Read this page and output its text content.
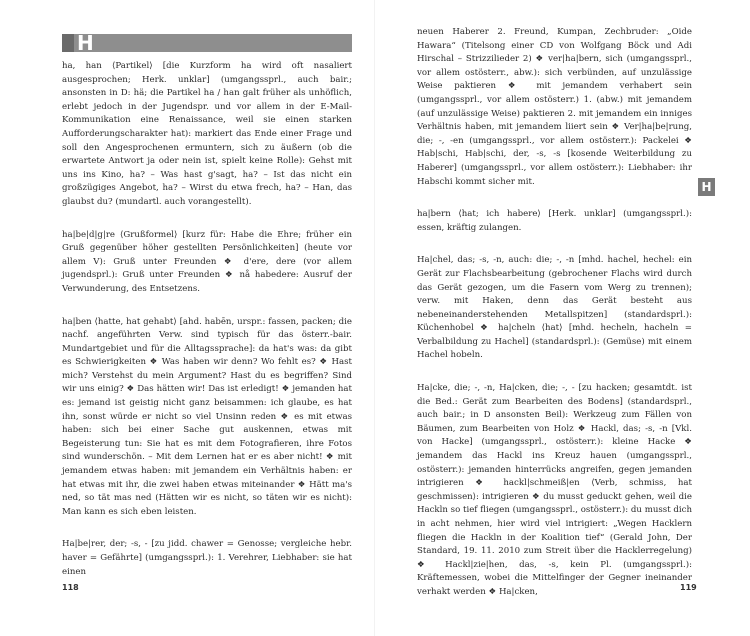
H

ha, han ⟨Partikel⟩ [die Kurzform ha wird oft nasaliert ausgesprochen; Herk. unklar] (umgangssprl., auch bair.; ansonsten in D: hä; die Partikel ha / han galt früher als unhöflich, erlebt jedoch in der Jugendspr. und vor allem in der E-Mail-Kommunikation eine Renaissance, weil sie einen starken Aufforderungscharakter hat): markiert das Ende einer Frage und soll den Angesprochenen ermuntern, sich zu äußern (ob die erwartete Antwort ja oder nein ist, spielt keine Rolle): Gehst mit uns ins Kino, ha? – Was hast g'sagt, ha? – Ist das nicht ein großzügiges Angebot, ha? – Wirst du etwa frech, ha? – Han, das glaubst du? (mundartl. auch vorangestellt).

ha|be|d|g|re ⟨Grußformel⟩ [kurz für: Habe die Ehre; früher ein Gruß gegenüber höher gestellten Persönlichkeiten] (heute vor allem V): Gruß unter Freunden ❖ d'ere, dere (vor allem jugendsprl.): Gruß unter Freunden ❖ nå habedere: Ausruf der Verwunderung, des Entsetzens.

ha|ben ⟨hatte, hat gehabt⟩ [ahd. habēn, urspr.: fassen, packen; die nachf. angeführten Verw. sind typisch für das österr.-bair. Mundartgebiet und für die Alltagssprache]: da hat's was: da gibt es Schwierigkeiten ❖ Was haben wir denn? Wo fehlt es? ❖ Hast mich? Verstehst du mein Argument? Hast du es begriffen? Sind wir uns einig? ❖ Das hätten wir! Das ist erledigt! ❖ jemanden hat es: jemand ist geistig nicht ganz beisammen: ich glaube, es hat ihn, sonst würde er nicht so viel Unsinn reden ❖ es mit etwas haben: sich bei einer Sache gut auskennen, etwas mit Begeisterung tun: Sie hat es mit dem Fotografieren, ihre Fotos sind wunderschön. – Mit dem Lernen hat er es aber nicht! ❖ mit jemandem etwas haben: mit jemandem ein Verhältnis haben: er hat etwas mit ihr, die zwei haben etwas miteinander ❖ Hätt ma's ned, so tät mas ned (Hätten wir es nicht, so täten wir es nicht): Man kann es sich eben leisten.

Ha|be|rer, der; -s, - [zu jidd. chawer = Genosse; vergleiche hebr. haver = Gefährte] (umgangssprl.): 1. Verehrer, Liebhaber: sie hat einen

118
H

neuen Haberer 2. Freund, Kumpan, Zechbruder: „Oide Hawara“ (Titelsong einer CD von Wolfgang Böck und Adi Hirschal – Strizzilieder 2) ❖ ver|ha|bern, sich (umgangssprl., vor allem ostösterr., abw.): sich verbünden, auf unzulässige Weise paktieren ❖ mit jemandem verhabert sein (umgangssprl., vor allem ostösterr.) 1. (abw.) mit jemandem (auf unzulässige Weise) paktieren 2. mit jemandem ein inniges Verhältnis haben, mit jemandem liiert sein ❖ Ver|ha|be|rung, die; -, -en (umgangssprl., vor allem ostösterr.): Packelei ❖ Hab|schi, Hab|schi, der, -s, -s [kosende Weiterbildung zu Haberer] (umgangssprl., vor allem ostösterr.): Liebhaber: ihr Habschi kommt sicher mit.

ha|bern ⟨hat; ich habere⟩ [Herk. unklar] (umgangssprl.): essen, kräftig zulangen.

Ha|chel, das; -s, -n, auch: die; -, -n [mhd. hachel, hechel: ein Gerät zur Flachsbearbeitung (gebrochener Flachs wird durch das Gerät gezogen, um die Fasern vom Werg zu trennen); verw. mit Haken, denn das Gerät besteht aus nebeneinanderstehenden Metallspitzen] (standardsprl.): Küchenhobel ❖ ha|cheln ⟨hat⟩ [mhd. hecheln, hacheln = Verbalbildung zu Hachel] (standardsprl.): (Gemüse) mit einem Hachel hobeln.

Ha|cke, die; -, -n, Ha|cken, die; -, - [zu hacken; gesamtdt. ist die Bed.: Gerät zum Bearbeiten des Bodens] (standardsprl., auch bair.; in D ansonsten Beil): Werkzeug zum Fällen von Bäumen, zum Bearbeiten von Holz ❖ Hackl, das; -s, -n [Vkl. von Hacke] (umgangssprl., ostösterr.): kleine Hacke ❖ jemandem das Hackl ins Kreuz hauen (umgangssprl., ostösterr.): jemanden hinterrücks angreifen, gegen jemanden intrigieren ❖ hackl|schmeiß|en ⟨Verb, schmiss, hat geschmissen⟩: intrigieren ❖ du musst geduckt gehen, weil die Hackln so tief fliegen (umgangssprl., ostösterr.): du musst dich in acht nehmen, hier wird viel intrigiert: „Wegen Hacklern fliegen die Hackln in der Koalition tief“ (Gerald John, Der Standard, 19. 11. 2010 zum Streit über die Hacklerregelung) ❖ Hackl|zie|hen, das, -s, kein Pl. (umgangssprl.): Kräftemessen, wobei die Mittelfinger der Gegner ineinander verhakt werden ❖ Ha|cken,	119
